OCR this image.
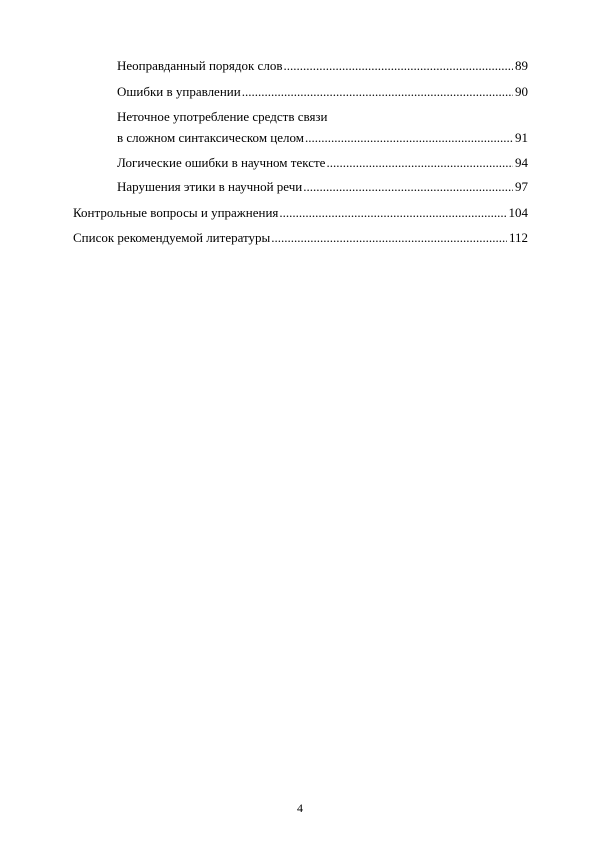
Неоправданный порядок слов .....	89
Ошибки в управлении .....	90
Неточное употребление средств связи
в сложном синтаксическом целом .....	91
Логические ошибки в научном тексте .....	94
Нарушения этики в научной речи .....	97
Контрольные вопросы и упражнения .....	104
Список рекомендуемой литературы .....	112
4
